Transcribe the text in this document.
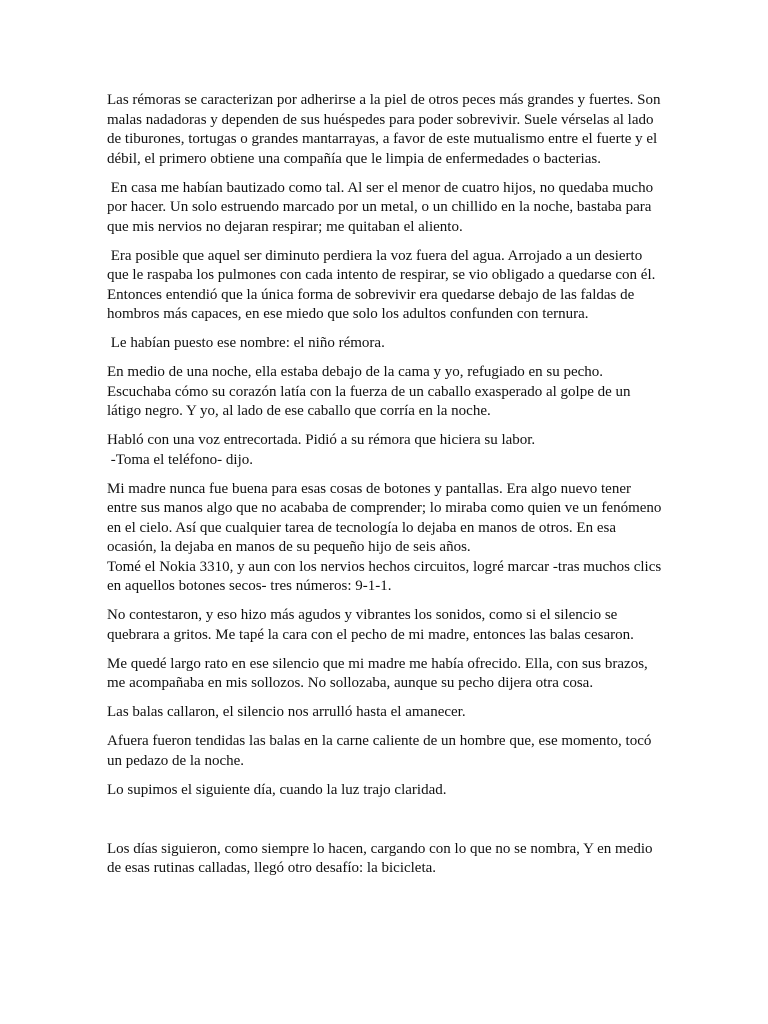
Las rémoras se caracterizan por adherirse a la piel de otros peces más grandes y fuertes. Son malas nadadoras y dependen de sus huéspedes para poder sobrevivir. Suele vérselas al lado de tiburones, tortugas o grandes mantarrayas, a favor de este mutualismo entre el fuerte y el débil, el primero obtiene una compañía que le limpia de enfermedades o bacterias.

En casa me habían bautizado como tal. Al ser el menor de cuatro hijos, no quedaba mucho por hacer. Un solo estruendo marcado por un metal, o un chillido en la noche, bastaba para que mis nervios no dejaran respirar; me quitaban el aliento.

Era posible que aquel ser diminuto perdiera la voz fuera del agua. Arrojado a un desierto que le raspaba los pulmones con cada intento de respirar, se vio obligado a quedarse con él. Entonces entendió que la única forma de sobrevivir era quedarse debajo de las faldas de hombros más capaces, en ese miedo que solo los adultos confunden con ternura.

Le habían puesto ese nombre: el niño rémora.

En medio de una noche, ella estaba debajo de la cama y yo, refugiado en su pecho. Escuchaba cómo su corazón latía con la fuerza de un caballo exasperado al golpe de un látigo negro. Y yo, al lado de ese caballo que corría en la noche.

Habló con una voz entrecortada. Pidió a su rémora que hiciera su labor.
-Toma el teléfono- dijo.

Mi madre nunca fue buena para esas cosas de botones y pantallas. Era algo nuevo tener entre sus manos algo que no acababa de comprender; lo miraba como quien ve un fenómeno en el cielo. Así que cualquier tarea de tecnología lo dejaba en manos de otros. En esa ocasión, la dejaba en manos de su pequeño hijo de seis años.
Tomé el Nokia 3310, y aun con los nervios hechos circuitos, logré marcar -tras muchos clics en aquellos botones secos- tres números: 9-1-1.

No contestaron, y eso hizo más agudos y vibrantes los sonidos, como si el silencio se quebrara a gritos. Me tapé la cara con el pecho de mi madre, entonces las balas cesaron.

Me quedé largo rato en ese silencio que mi madre me había ofrecido. Ella, con sus brazos, me acompañaba en mis sollozos. No sollozaba, aunque su pecho dijera otra cosa.

Las balas callaron, el silencio nos arrulló hasta el amanecer.

Afuera fueron tendidas las balas en la carne caliente de un hombre que, ese momento, tocó un pedazo de la noche.

Lo supimos el siguiente día, cuando la luz trajo claridad.

Los días siguieron, como siempre lo hacen, cargando con lo que no se nombra, Y en medio de esas rutinas calladas, llegó otro desafío: la bicicleta.
